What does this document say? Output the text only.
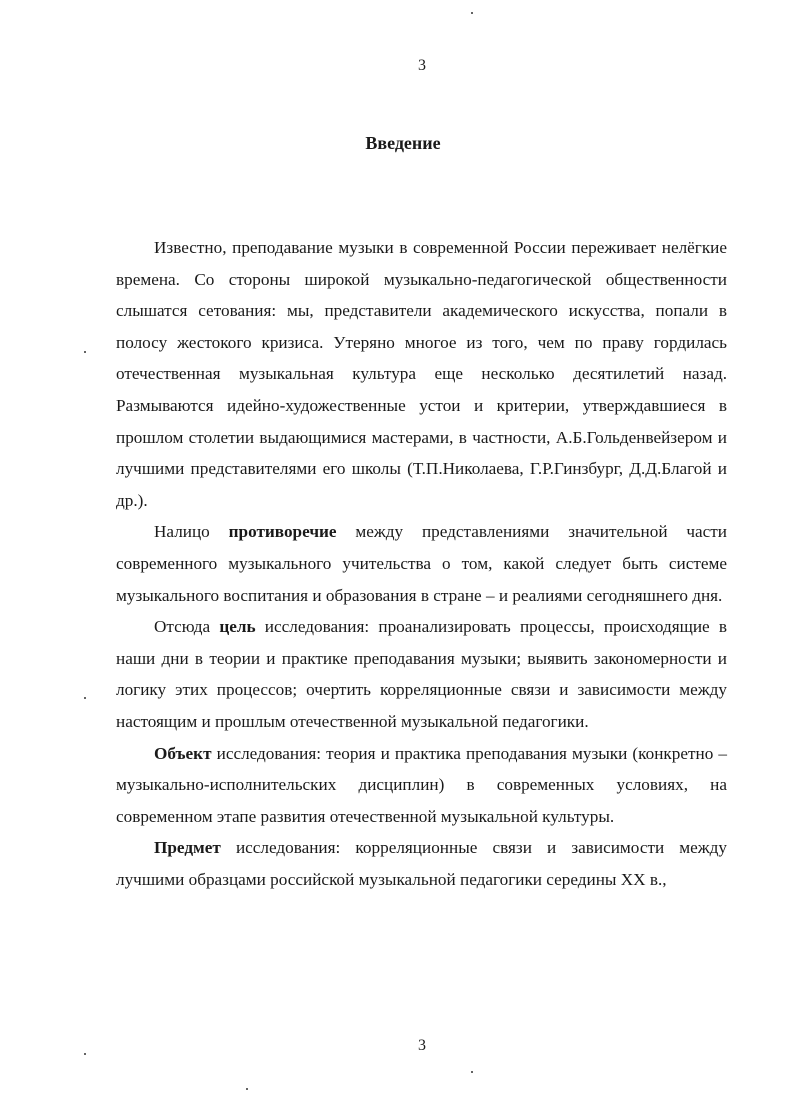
3
Введение

Известно, преподавание музыки в современной России переживает нелёгкие времена. Со стороны широкой музыкально-педагогической общественности слышатся сетования: мы, представители академического искусства, попали в полосу жестокого кризиса. Утеряно многое из того, чем по праву гордилась отечественная музыкальная культура еще несколько десятилетий назад. Размываются идейно-художественные устои и критерии, утверждавшиеся в прошлом столетии выдающимися мастерами, в частности, А.Б.Гольденвейзером и лучшими представителями его школы (Т.П.Николаева, Г.Р.Гинзбург, Д.Д.Благой и др.).

Налицо противоречие между представлениями значительной части современного музыкального учительства о том, какой следует быть системе музыкального воспитания и образования в стране – и реалиями сегодняшнего дня.

Отсюда цель исследования: проанализировать процессы, происходящие в наши дни в теории и практике преподавания музыки; выявить закономерности и логику этих процессов; очертить корреляционные связи и зависимости между настоящим и прошлым отечественной музыкальной педагогики.

Объект исследования: теория и практика преподавания музыки (конкретно – музыкально-исполнительских дисциплин) в современных условиях, на современном этапе развития отечественной музыкальной культуры.

Предмет исследования: корреляционные связи и зависимости между лучшими образцами российской музыкальной педагогики середины XX в.,

3
